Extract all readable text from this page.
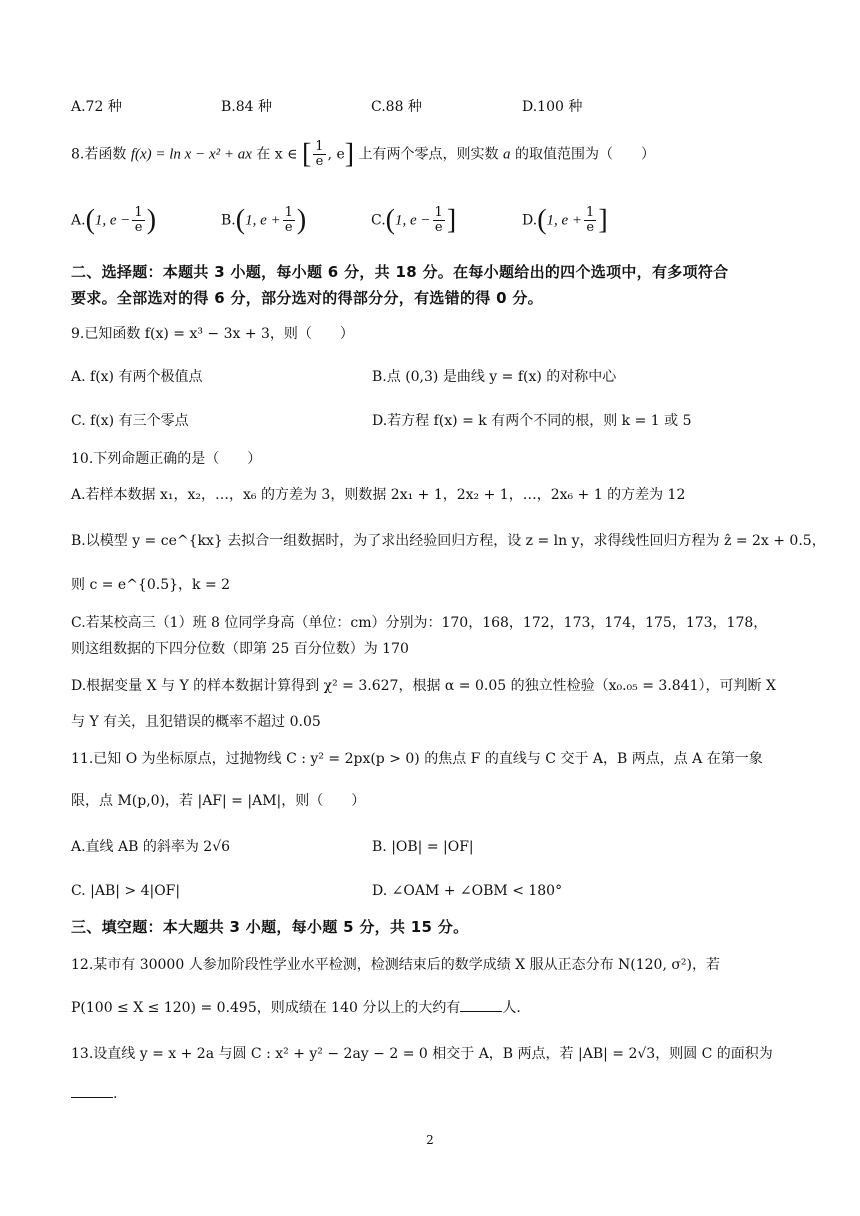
A.72 种	B.84 种	C.88 种	D.100 种
8.若函数 f(x) = ln x − x² + ax 在 x ∈ [ $\frac{1}{e}$ , e] 上有两个零点，则实数 a 的取值范围为（　　）
A.(1, $e - \frac{1}{e}$ )	B.(1, $e + \frac{1}{e}$ )	C.(1, $e - \frac{1}{e}$ ]	D.(1, $e + \frac{1}{e}$ ]
二、选择题：本题共 3 小题，每小题 6 分，共 18 分。在每小题给出的四个选项中，有多项符合
要求。全部选对的得 6 分，部分选对的得部分分，有选错的得 0 分。
9.已知函数 f(x) = x³ − 3x + 3，则（　　）
A. f(x) 有两个极值点	B.点 (0,3) 是曲线 y = f(x) 的对称中心
C. f(x) 有三个零点	D.若方程 f(x) = k 有两个不同的根，则 k = 1 或 5
10.下列命题正确的是（　　）
A.若样本数据 x₁，x₂，…，x₆ 的方差为 3，则数据 2x₁ + 1，2x₂ + 1，…，2x₆ + 1 的方差为 12
B.以模型 y = ce^{kx} 去拟合一组数据时，为了求出经验回归方程，设 z = ln y，求得线性回归方程为 ẑ = 2x + 0.5，
则 c = e^{0.5}，k = 2
C.若某校高三（1）班 8 位同学身高（单位：cm）分别为：170，168，172，173，174，175，173，178，
则这组数据的下四分位数（即第 25 百分位数）为 170
D.根据变量 X 与 Y 的样本数据计算得到 χ² = 3.627，根据 α = 0.05 的独立性检验（x₀.₀₅ = 3.841），可判断 X
与 Y 有关，且犯错误的概率不超过 0.05
11.已知 O 为坐标原点，过抛物线 C : y² = 2px(p > 0) 的焦点 F 的直线与 C 交于 A，B 两点，点 A 在第一象
限，点 M(p,0)，若 |AF| = |AM|，则（　　）
A.直线 AB 的斜率为 2√6	B. |OB| = |OF|
C. |AB| > 4|OF|	D. ∠OAM + ∠OBM < 180°
三、填空题：本大题共 3 小题，每小题 5 分，共 15 分。
12.某市有 30000 人参加阶段性学业水平检测，检测结束后的数学成绩 X 服从正态分布 N(120, σ²)，若
P(100 ≤ X ≤ 120) = 0.495，则成绩在 140 分以上的大约有	人.
13.设直线 y = x + 2a 与圆 C : x² + y² − 2ay − 2 = 0 相交于 A，B 两点，若 |AB| = 2√3，则圆 C 的面积为
.
2
